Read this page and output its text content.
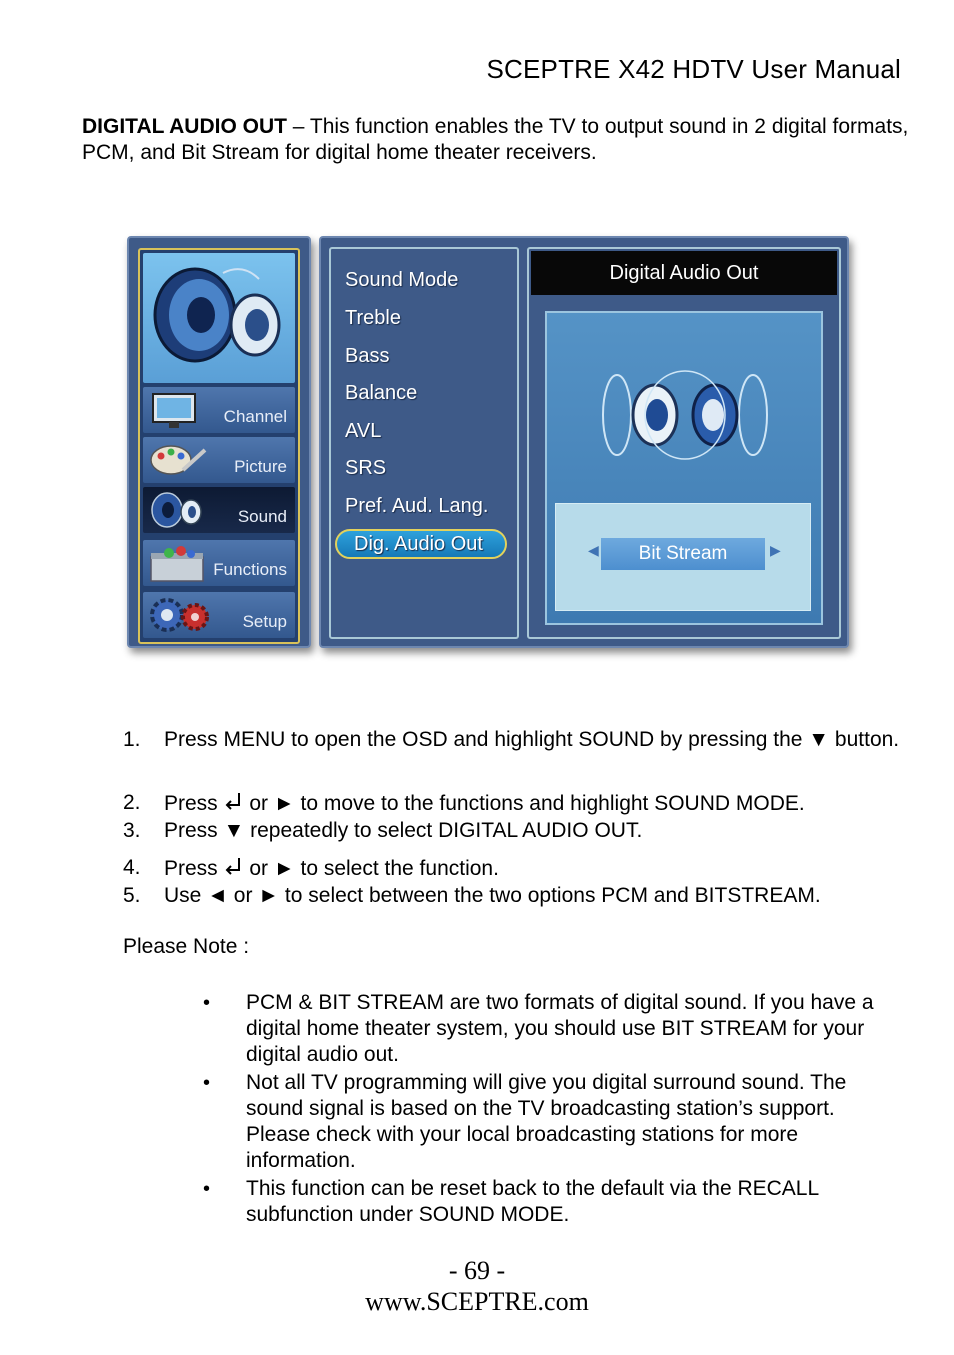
SCEPTRE X42 HDTV User Manual
DIGITAL AUDIO OUT – This function enables the TV to output sound in 2 digital formats, PCM, and Bit Stream for digital home theater receivers.
Channel
Picture
Sound
Functions
Setup
Sound Mode
Treble
Bass
Balance
AVL
SRS
Pref. Aud. Lang.
Dig. Audio Out
Digital Audio Out
◀	Bit Stream	▶
1. Press MENU to open the OSD and highlight SOUND by pressing the ▼ button.
2. Press  or ► to move to the functions and highlight SOUND MODE.
3. Press ▼ repeatedly to select DIGITAL AUDIO OUT.
4. Press  or ► to select the function.
5. Use ◄ or ► to select between the two options PCM and BITSTREAM.
Please Note :
• PCM & BIT STREAM are two formats of digital sound. If you have a digital home theater system, you should use BIT STREAM for your digital audio out.
• Not all TV programming will give you digital surround sound. The sound signal is based on the TV broadcasting station’s support. Please check with your local broadcasting stations for more information.
• This function can be reset back to the default via the RECALL subfunction under SOUND MODE.
- 69 -
www.SCEPTRE.com
